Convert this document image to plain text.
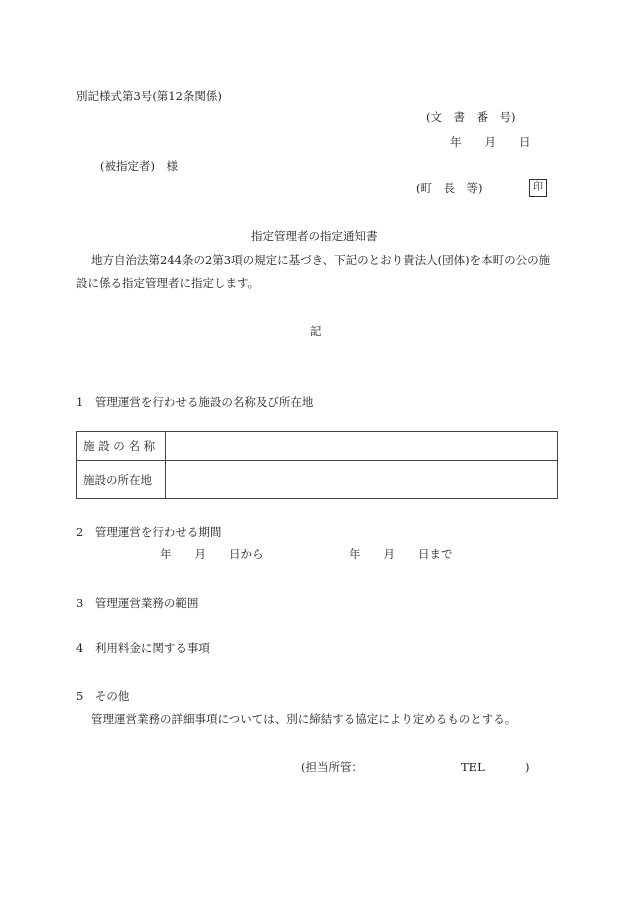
別記様式第3号(第12条関係)
(文　書　番　号)
年　　月　　日
(被指定者)　様
(町　長　等)	印
指定管理者の指定通知書
地方自治法第244条の2第3項の規定に基づき、下記のとおり貴法人(団体)を本町の公の施
設に係る指定管理者に指定します。
記
1　管理運営を行わせる施設の名称及び所在地
施 設 の 名 称	
施設の所在地	
2　管理運営を行わせる期間
年　　月　　日から	年　　月　　日まで
3　管理運営業務の範囲
4　利用料金に関する事項
5　その他
管理運営業務の詳細事項については、別に締結する協定により定めるものとする。
(担当所管：	TEL	)
